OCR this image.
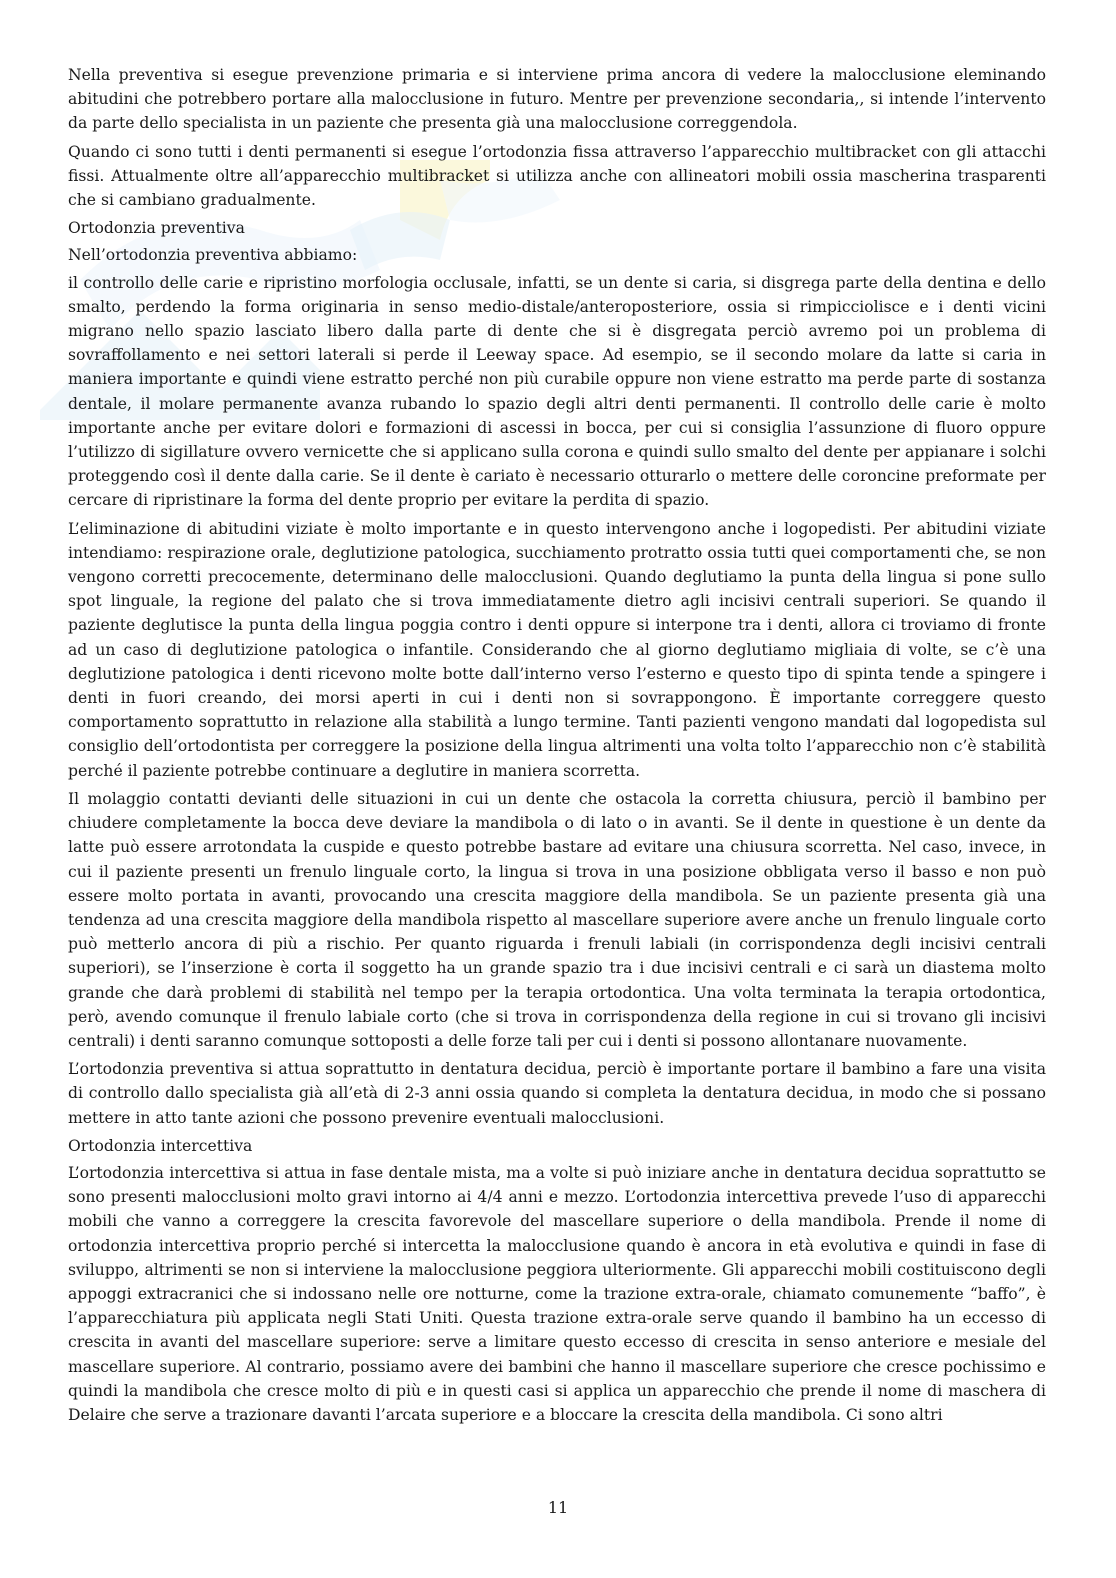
Nella preventiva si esegue prevenzione primaria e si interviene prima ancora di vedere la malocclusione eleminando abitudini che potrebbero portare alla malocclusione in futuro. Mentre per prevenzione secondaria,, si intende l’intervento da parte dello specialista in un paziente che presenta già una malocclusione correggendola.

Quando ci sono tutti i denti permanenti si esegue l’ortodonzia fissa attraverso l’apparecchio multibracket con gli attacchi fissi. Attualmente oltre all’apparecchio multibracket si utilizza anche con allineatori mobili ossia mascherina trasparenti che si cambiano gradualmente.

Ortodonzia preventiva

Nell’ortodonzia preventiva abbiamo:

il controllo delle carie e ripristino morfologia occlusale, infatti, se un dente si caria, si disgrega parte della dentina e dello smalto, perdendo la forma originaria in senso medio-distale/anteroposteriore, ossia si rimpicciolisce e i denti vicini migrano nello spazio lasciato libero dalla parte di dente che si è disgregata perciò avremo poi un problema di sovraffollamento e nei settori laterali si perde il Leeway space. Ad esempio, se il secondo molare da latte si caria in maniera importante e quindi viene estratto perché non più curabile oppure non viene estratto ma perde parte di sostanza dentale, il molare permanente avanza rubando lo spazio degli altri denti permanenti. Il controllo delle carie è molto importante anche per evitare dolori e formazioni di ascessi in bocca, per cui si consiglia l’assunzione di fluoro oppure l’utilizzo di sigillature ovvero vernicette che si applicano sulla corona e quindi sullo smalto del dente per appianare i solchi proteggendo così il dente dalla carie. Se il dente è cariato è necessario otturarlo o mettere delle coroncine preformate per cercare di ripristinare la forma del dente proprio per evitare la perdita di spazio.

L’eliminazione di abitudini viziate è molto importante e in questo intervengono anche i logopedisti. Per abitudini viziate intendiamo: respirazione orale, deglutizione patologica, succhiamento protratto ossia tutti quei comportamenti che, se non vengono corretti precocemente, determinano delle malocclusioni. Quando deglutiamo la punta della lingua si pone sullo spot linguale, la regione del palato che si trova immediatamente dietro agli incisivi centrali superiori. Se quando il paziente deglutisce la punta della lingua poggia contro i denti oppure si interpone tra i denti, allora ci troviamo di fronte ad un caso di deglutizione patologica o infantile. Considerando che al giorno deglutiamo migliaia di volte, se c’è una deglutizione patologica i denti ricevono molte botte dall’interno verso l’esterno e questo tipo di spinta tende a spingere i denti in fuori creando, dei morsi aperti in cui i denti non si sovrappongono. È importante correggere questo comportamento soprattutto in relazione alla stabilità a lungo termine. Tanti pazienti vengono mandati dal logopedista sul consiglio dell’ortodontista per correggere la posizione della lingua altrimenti una volta tolto l’apparecchio non c’è stabilità perché il paziente potrebbe continuare a deglutire in maniera scorretta.

Il molaggio contatti devianti delle situazioni in cui un dente che ostacola la corretta chiusura, perciò il bambino per chiudere completamente la bocca deve deviare la mandibola o di lato o in avanti. Se il dente in questione è un dente da latte può essere arrotondata la cuspide e questo potrebbe bastare ad evitare una chiusura scorretta. Nel caso, invece, in cui il paziente presenti un frenulo linguale corto, la lingua si trova in una posizione obbligata verso il basso e non può essere molto portata in avanti, provocando una crescita maggiore della mandibola. Se un paziente presenta già una tendenza ad una crescita maggiore della mandibola rispetto al mascellare superiore avere anche un frenulo linguale corto può metterlo ancora di più a rischio. Per quanto riguarda i frenuli labiali (in corrispondenza degli incisivi centrali superiori), se l’inserzione è corta il soggetto ha un grande spazio tra i due incisivi centrali e ci sarà un diastema molto grande che darà problemi di stabilità nel tempo per la terapia ortodontica. Una volta terminata la terapia ortodontica, però, avendo comunque il frenulo labiale corto (che si trova in corrispondenza della regione in cui si trovano gli incisivi centrali) i denti saranno comunque sottoposti a delle forze tali per cui i denti si possono allontanare nuovamente.

L’ortodonzia preventiva si attua soprattutto in dentatura decidua, perciò è importante portare il bambino a fare una visita di controllo dallo specialista già all’età di 2-3 anni ossia quando si completa la dentatura decidua, in modo che si possano mettere in atto tante azioni che possono prevenire eventuali malocclusioni.

Ortodonzia intercettiva

L’ortodonzia intercettiva si attua in fase dentale mista, ma a volte si può iniziare anche in dentatura decidua soprattutto se sono presenti malocclusioni molto gravi intorno ai 4/4 anni e mezzo. L’ortodonzia intercettiva prevede l’uso di apparecchi mobili che vanno a correggere la crescita favorevole del mascellare superiore o della mandibola. Prende il nome di ortodonzia intercettiva proprio perché si intercetta la malocclusione quando è ancora in età evolutiva e quindi in fase di sviluppo, altrimenti se non si interviene la malocclusione peggiora ulteriormente. Gli apparecchi mobili costituiscono degli appoggi extracranici che si indossano nelle ore notturne, come la trazione extra-orale, chiamato comunemente “baffo”, è l’apparecchiatura più applicata negli Stati Uniti. Questa trazione extra-orale serve quando il bambino ha un eccesso di crescita in avanti del mascellare superiore: serve a limitare questo eccesso di crescita in senso anteriore e mesiale del mascellare superiore. Al contrario, possiamo avere dei bambini che hanno il mascellare superiore che cresce pochissimo e quindi la mandibola che cresce molto di più e in questi casi si applica un apparecchio che prende il nome di maschera di Delaire che serve a trazionare davanti l’arcata superiore e a bloccare la crescita della mandibola. Ci sono altri

11
